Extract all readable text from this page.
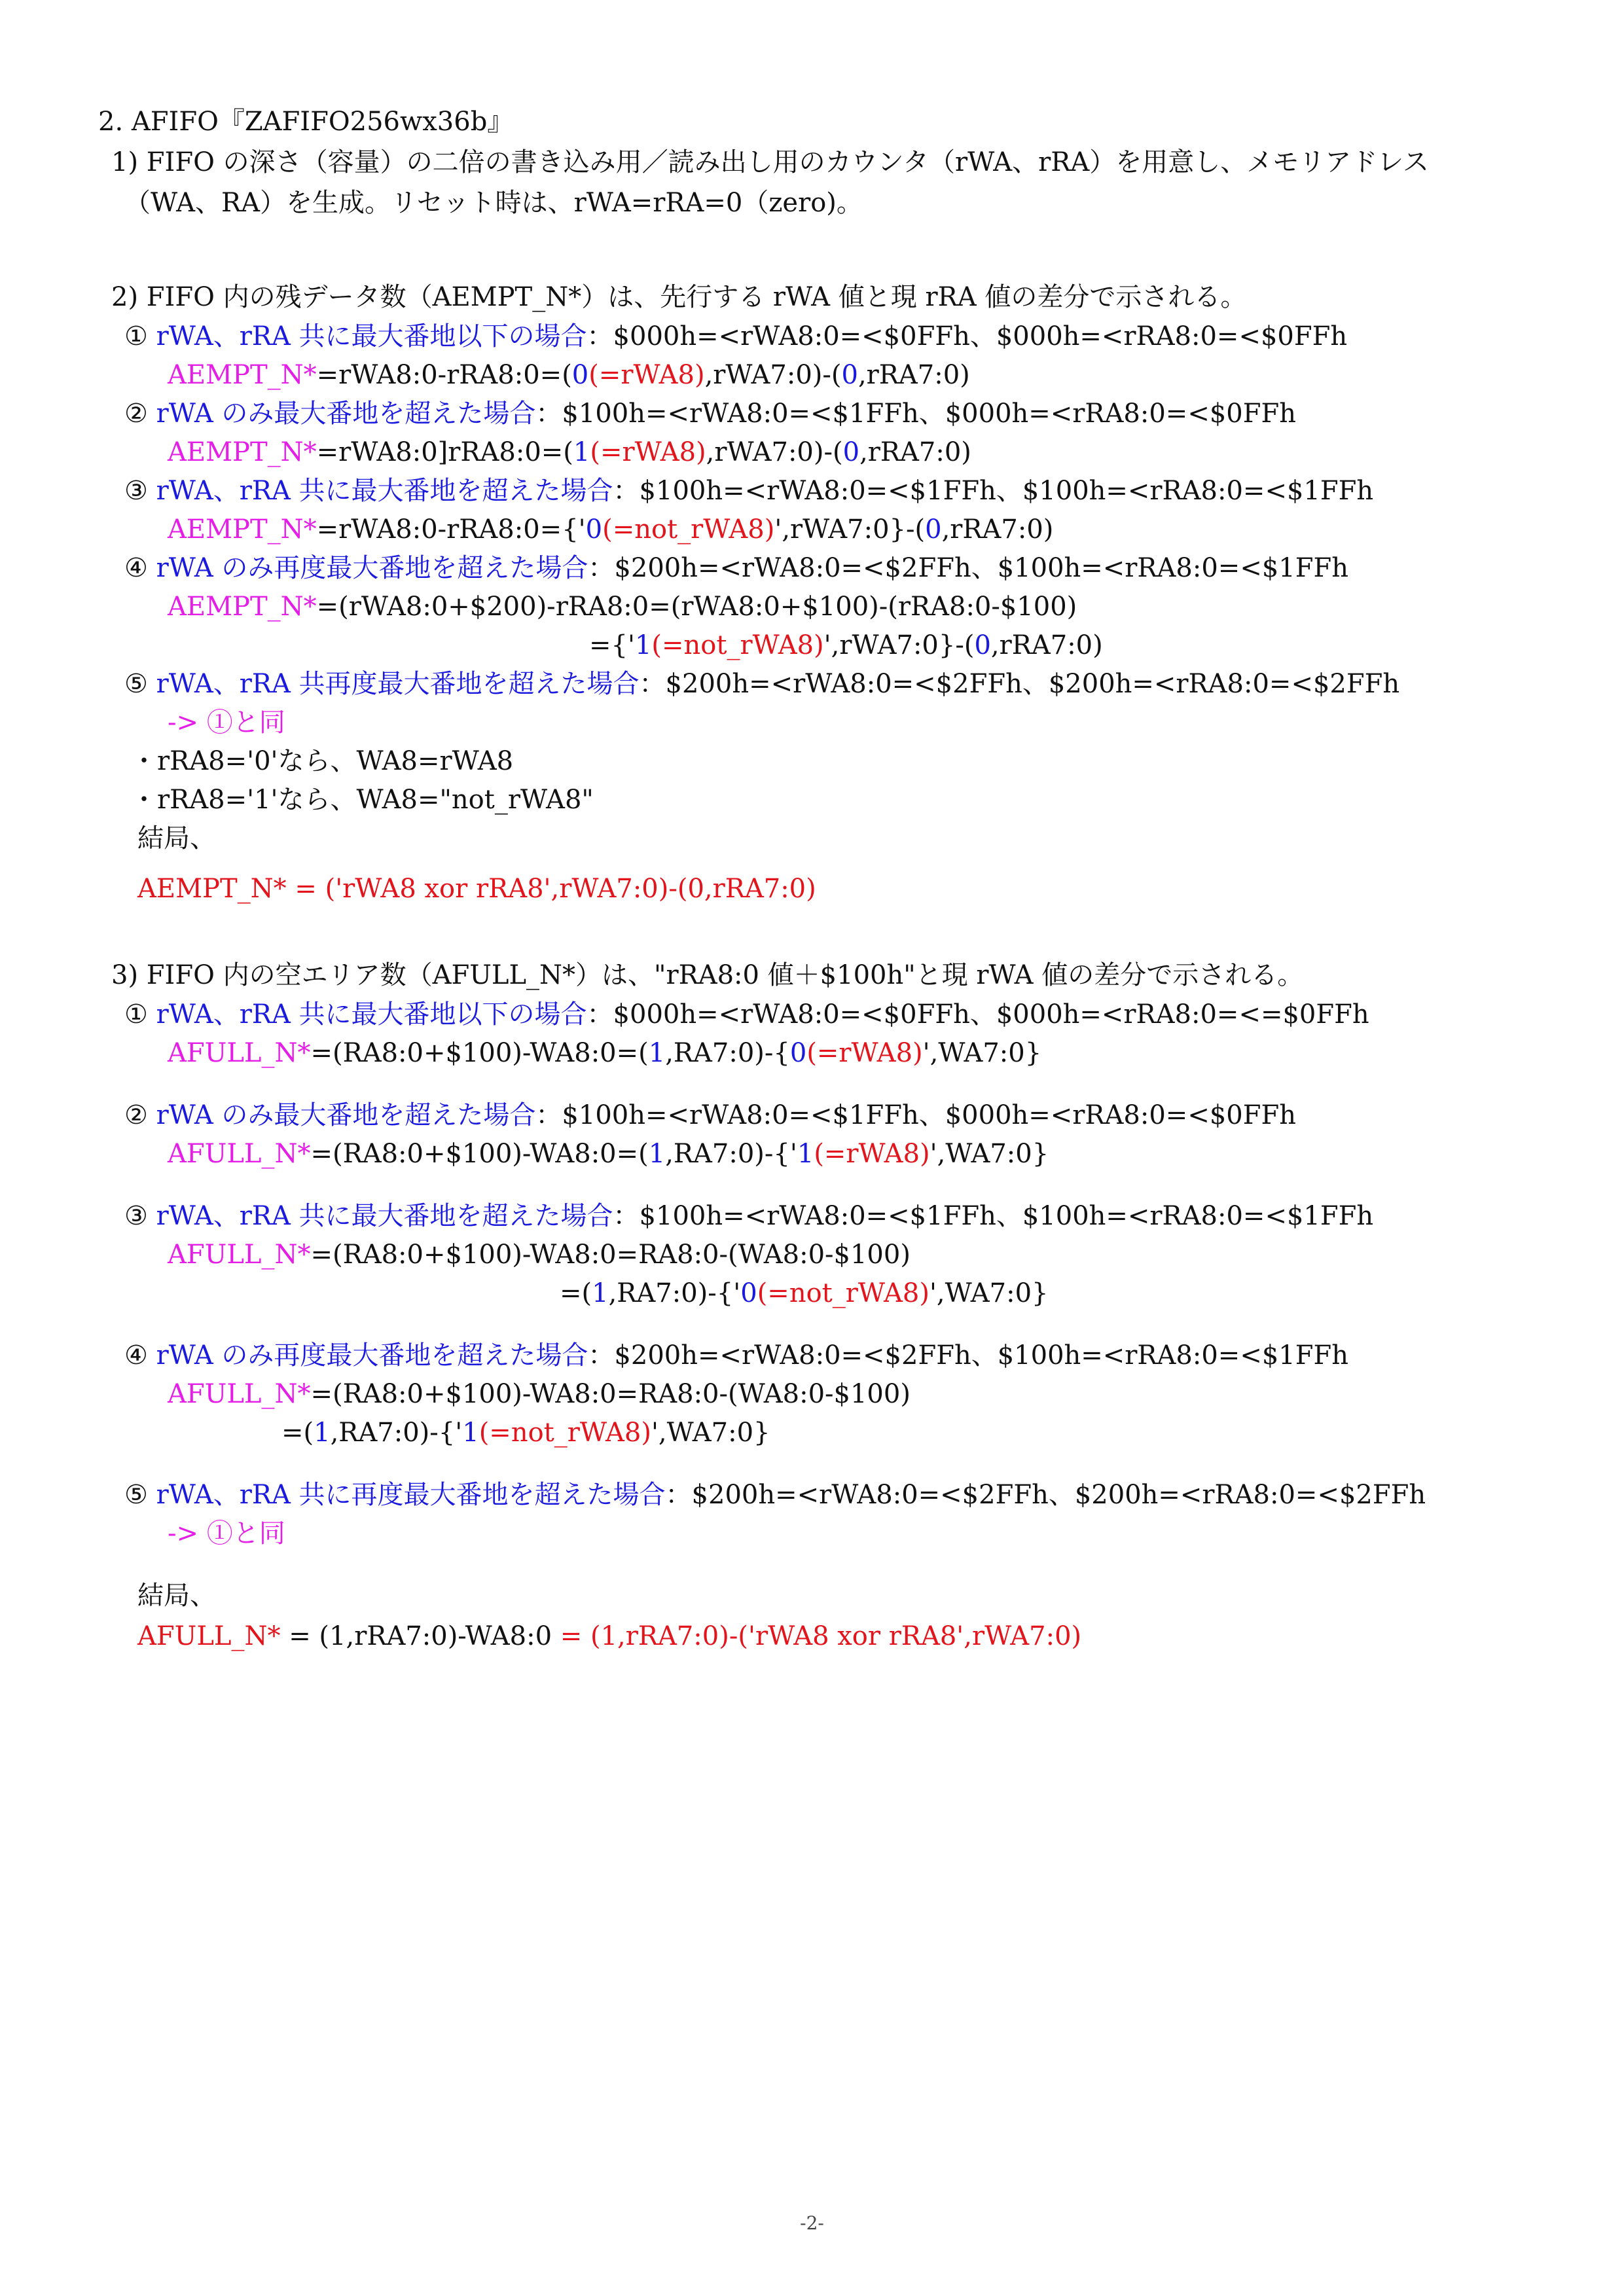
2. AFIFO『ZAFIFO256wx36b』
1) FIFO の深さ（容量）の二倍の書き込み用／読み出し用のカウンタ（rWA、rRA）を用意し、メモリアドレス
（WA、RA）を生成。リセット時は、rWA=rRA=0（zero)。
2) FIFO 内の残データ数（AEMPT_N*）は、先行する rWA 値と現 rRA 値の差分で示される。
① rWA、rRA 共に最大番地以下の場合：$000h=<rWA8:0=<$0FFh、$000h=<rRA8:0=<$0FFh
AEMPT_N*=rWA8:0-rRA8:0=(0(=rWA8),rWA7:0)-(0,rRA7:0)
② rWA のみ最大番地を超えた場合：$100h=<rWA8:0=<$1FFh、$000h=<rRA8:0=<$0FFh
AEMPT_N*=rWA8:0]rRA8:0=(1(=rWA8),rWA7:0)-(0,rRA7:0)
③ rWA、rRA 共に最大番地を超えた場合：$100h=<rWA8:0=<$1FFh、$100h=<rRA8:0=<$1FFh
AEMPT_N*=rWA8:0-rRA8:0={'0(=not_rWA8)',rWA7:0}-(0,rRA7:0)
④ rWA のみ再度最大番地を超えた場合：$200h=<rWA8:0=<$2FFh、$100h=<rRA8:0=<$1FFh
AEMPT_N*=(rWA8:0+$200)-rRA8:0=(rWA8:0+$100)-(rRA8:0-$100)
={'1(=not_rWA8)',rWA7:0}-(0,rRA7:0)
⑤ rWA、rRA 共再度最大番地を超えた場合：$200h=<rWA8:0=<$2FFh、$200h=<rRA8:0=<$2FFh
-> ①と同
・rRA8='0'なら、WA8=rWA8
・rRA8='1'なら、WA8="not_rWA8"
結局、
AEMPT_N* = ('rWA8 xor rRA8',rWA7:0)-(0,rRA7:0)
3) FIFO 内の空エリア数（AFULL_N*）は、"rRA8:0 値＋$100h"と現 rWA 値の差分で示される。
① rWA、rRA 共に最大番地以下の場合：$000h=<rWA8:0=<$0FFh、$000h=<rRA8:0=<=$0FFh
AFULL_N*=(RA8:0+$100)-WA8:0=(1,RA7:0)-{0(=rWA8)',WA7:0}
② rWA のみ最大番地を超えた場合：$100h=<rWA8:0=<$1FFh、$000h=<rRA8:0=<$0FFh
AFULL_N*=(RA8:0+$100)-WA8:0=(1,RA7:0)-{'1(=rWA8)',WA7:0}
③ rWA、rRA 共に最大番地を超えた場合：$100h=<rWA8:0=<$1FFh、$100h=<rRA8:0=<$1FFh
AFULL_N*=(RA8:0+$100)-WA8:0=RA8:0-(WA8:0-$100)
=(1,RA7:0)-{'0(=not_rWA8)',WA7:0}
④ rWA のみ再度最大番地を超えた場合：$200h=<rWA8:0=<$2FFh、$100h=<rRA8:0=<$1FFh
AFULL_N*=(RA8:0+$100)-WA8:0=RA8:0-(WA8:0-$100)
=(1,RA7:0)-{'1(=not_rWA8)',WA7:0}
⑤ rWA、rRA 共に再度最大番地を超えた場合：$200h=<rWA8:0=<$2FFh、$200h=<rRA8:0=<$2FFh
-> ①と同
結局、
AFULL_N* = (1,rRA7:0)-WA8:0 = (1,rRA7:0)-('rWA8 xor rRA8',rWA7:0)
-2-
